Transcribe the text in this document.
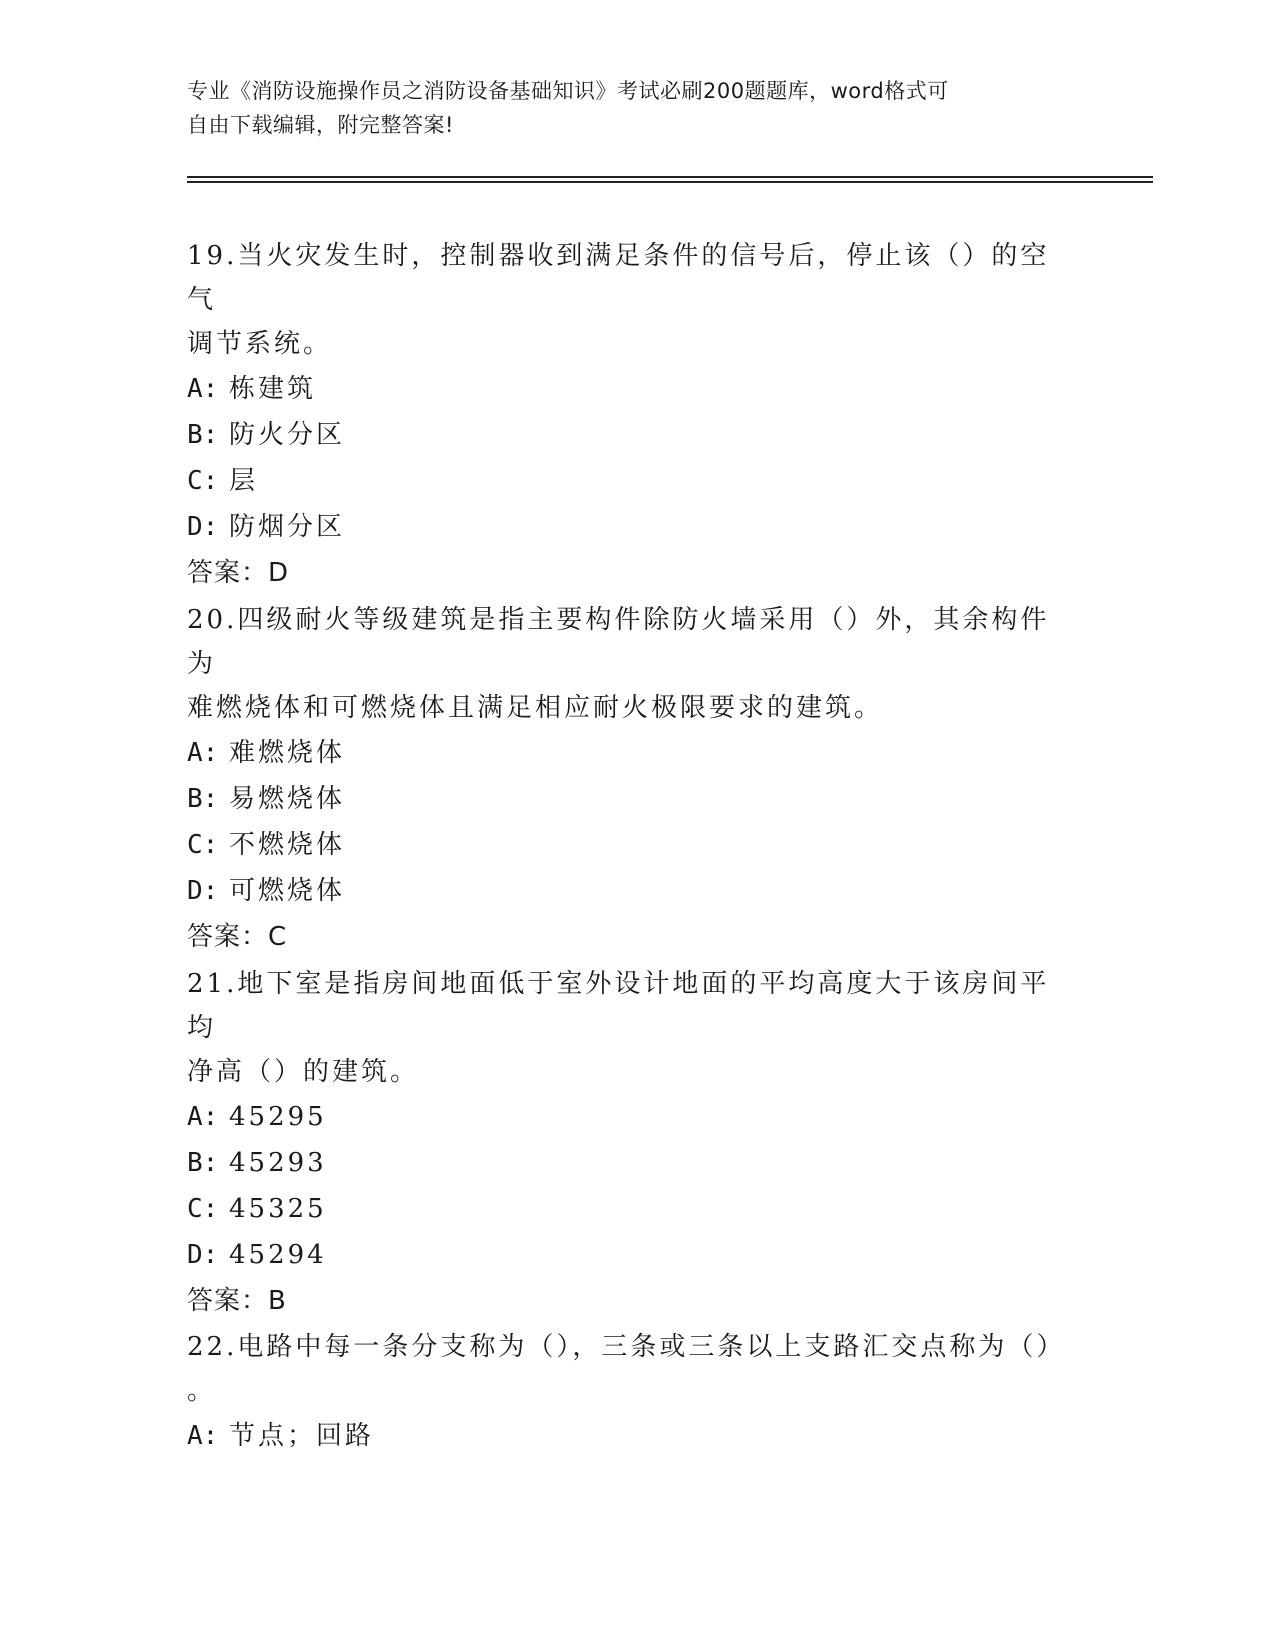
专业《消防设施操作员之消防设备基础知识》考试必刷200题题库，word格式可
自由下载编辑，附完整答案!

19.当火灾发生时，控制器收到满足条件的信号后，停止该（）的空气

调节系统。

A: 栋建筑

B: 防火分区

C: 层

D: 防烟分区

答案：D

20.四级耐火等级建筑是指主要构件除防火墙采用（）外，其余构件为

难燃烧体和可燃烧体且满足相应耐火极限要求的建筑。

A: 难燃烧体

B: 易燃烧体

C: 不燃烧体

D: 可燃烧体

答案：C

21.地下室是指房间地面低于室外设计地面的平均高度大于该房间平均

净高（）的建筑。

A: 45295

B: 45293

C: 45325

D: 45294

答案：B

22.电路中每一条分支称为（），三条或三条以上支路汇交点称为（）

。

A: 节点；回路
